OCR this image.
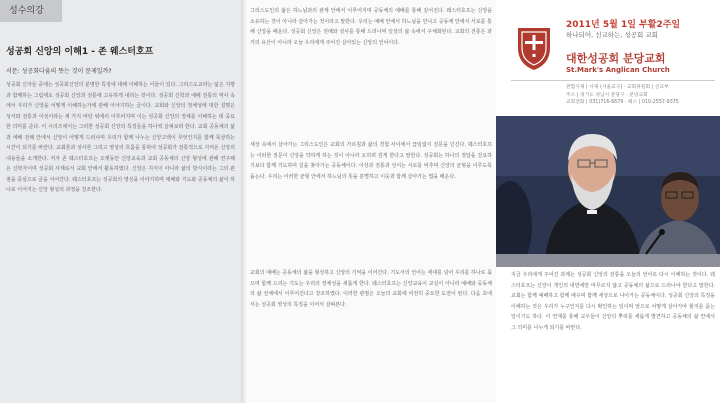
성수의강
성공회 신앙의 이해1 - 존 웨스터호프
서문: 성공회다움의 뜻는 것이 문제일까?
성공회 신자들 중에는 성공회신앙의 분명한 특징에 대해 이해하는 이들이 있다. 그리스도교라는 넓은 지평과 함께하는 그럼에도 성공회 신앙과 전통에 고유하게 내리는 것이다. 성공회 신학과 예배 전통의 역사 속에서 우리가 신앙을 어떻게 이해하는가에 관해 이야기하는 글이다. 교회와 신앙의 정체성에 대한 설명은 성서와 전통과 이성이라는 세 가지 바탕 위에서 이루어지며 이는 성공회 신앙의 정체를 이해하는 데 중요한 의미를 준다. 이 시리즈에서는 그러한 성공회 신앙의 특징들을 하나씩 살펴보려 한다. 교회 공동체의 삶과 예배 전례 안에서 신앙이 어떻게 드러나며 우리가 함께 나누는 신앙고백이 무엇인지를 함께 묵상하는 시간이 되기를 바란다. 교회론과 성사론 그리고 영성의 흐름을 통하여 성공회가 전통적으로 지켜온 신앙의 내용들을 소개한다. 저자 존 웨스터호프는 오랫동안 신앙교육과 교회 공동체의 신앙 형성에 관해 연구해 온 신학자이며 성공회 사제로서 교회 안에서 활동하였다. 신앙은 지식이 아니라 삶의 방식이라는 그의 관점을 중심으로 글을 이어간다. 웨스터호프는 성공회의 영성을 이야기하며 예배와 기도와 공동체의 삶이 하나로 이어지는 신앙 형성의 과정을 강조한다.
그리스도인의 삶은 하느님과의 관계 안에서 이루어지며 공동체의 예배를 통해 깊어진다. 웨스터호프는 신앙을 소유하는 것이 아니라 살아가는 것이라고 말한다. 우리는 예배 안에서 하느님을 만나고 공동체 안에서 서로를 통해 신앙을 배운다. 성공회 신앙은 전례와 성사를 통해 드러나며 일상의 삶 속에서 구체화된다. 교회의 전통은 과거의 유산이 아니라 오늘 우리에게 주어진 살아있는 신앙의 언어이다.
세상 속에서 살아가는 그리스도인은 교회의 가르침과 삶의 경험 사이에서 끊임없이 질문을 던진다. 웨스터호프는 이러한 질문이 신앙을 약하게 하는 것이 아니라 오히려 깊게 한다고 말한다. 성공회는 하나의 정답을 강요하기보다 함께 기도하며 길을 찾아가는 공동체이다. 이성과 전통과 성서는 서로를 비추며 신앙의 균형을 이루도록 돕는다. 우리는 이러한 균형 안에서 하느님의 뜻을 분별하고 이웃과 함께 살아가는 법을 배운다.
교회의 예배는 공동체의 삶을 형성하고 신앙의 기억을 이어간다. 기도서의 언어는 세대를 넘어 우리를 하나로 묶으며 함께 드리는 기도는 우리의 정체성을 새롭게 한다. 웨스터호프는 신앙교육이 교실이 아니라 예배와 공동체의 삶 전체에서 이루어진다고 강조하였다. 이러한 관점은 오늘의 교회에 여전히 중요한 도전이 된다. 다음 호에서는 성공회 영성의 특징을 이어서 살펴본다.
2011년 5월 1일 부활2주일
하나되어, 선교하는, 성공회 교회
대한성공회 분당교회
St.Mark's Anglican Church
관할사제 | 사제 (서울교구) · 교회위원회 | 선교부
주소 | 경기도 성남시 분당구 · 분당교회
교회전화 | 031)716-6679 · 팩스 | 010-2557-9375
지금 우리에게 주어진 과제는 성공회 신앙의 전통을 오늘의 언어로 다시 이해하는 것이다. 웨스터호프는 신앙이 개인의 내면에만 머무르지 않고 공동체의 삶으로 드러나야 한다고 말한다. 교회는 함께 예배하고 함께 배우며 함께 세상으로 나아가는 공동체이다. 성공회 신앙의 특징을 이해하는 것은 우리가 누구인지를 다시 확인하는 일이며 앞으로 어떻게 살아가야 할지를 묻는 일이기도 하다. 이 연재를 통해 교우들이 신앙의 뿌리를 새롭게 발견하고 공동체의 삶 안에서 그 의미를 나누게 되기를 바란다.
